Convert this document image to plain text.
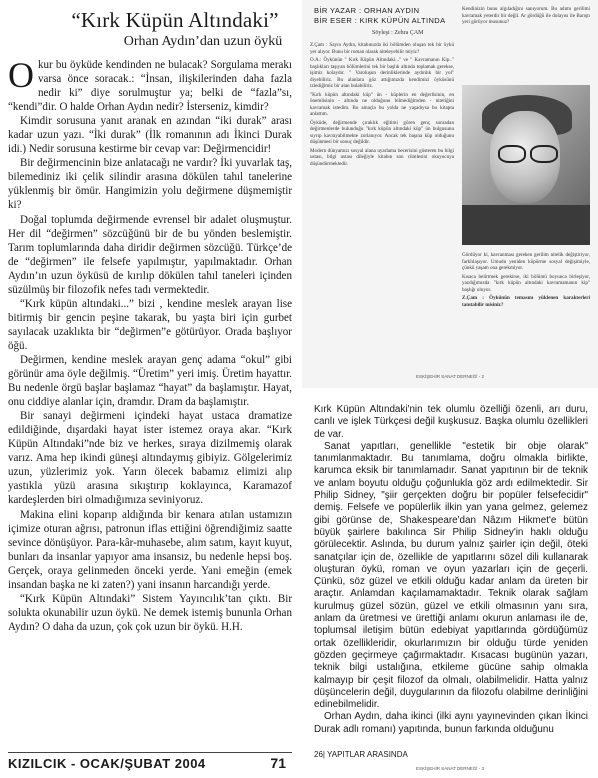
“Kırk Küpün Altındaki”
Orhan Aydın’dan uzun öykü

Okur bu öyküde kendinden ne bulacak? Sorgulama merakı varsa önce soracak.: “İnsan, ilişkilerinden daha fazla nedir ki” diye sorulmuştur ya; belki de “fazla”sı, “kendi”dir. O halde Orhan Aydın nedir? İsterseniz, kimdir?

Kimdir sorusuna yanıt aranak en azından “iki durak” arası kadar uzun yazı. “İki durak” (İlk romanının adı İkinci Durak idi.) Nedir sorusuna kestirme bir cevap var: Değirmencidir!

Bir değirmencinin bize anlatacağı ne vardır? İki yuvarlak taş, bilemediniz iki çelik silindir arasına dökülen tahıl tanelerine yüklenmiş bir ömür. Hangimizin yolu değirmene düşmemiştir ki?

Doğal toplumda değirmende evrensel bir adalet oluşmuştur. Her dil “değirmen” sözcüğünü bir de bu yönden beslemiştir. Tarım toplumlarında daha diridir değirmen sözcüğü. Türkçe’de de “değirmen” ile felsefe yapılmıştır, yapılmaktadır. Orhan Aydın’ın uzun öyküsü de kırılıp dökülen tahıl taneleri içinden süzülmüş bir filozofik nefes tadı vermektedir.

“Kırk küpün altındaki...” bizi , kendine meslek arayan lise bitirmiş bir gencin peşine takarak, bu yaşta biri için gurbet sayılacak uzaklıkta bir “değirmen”e götürüyor. Orada başlıyor öğü.

Değirmen, kendine meslek arayan genç adama “okul” gibi görünür ama öyle değilmiş. “Üretim” yeri imiş. Üretim hayattır. Bu nedenle örgü başlar başlamaz “hayat” da başlamıştır. Hayat, onu ciddiye alanlar için, dramdır. Dram da başlamıştır.

Bir sanayi değirmeni içindeki hayat ustaca dramatize edildiğinde, dışardaki hayat ister istemez oraya akar. “Kırk Küpün Altındaki”nde biz ve herkes, sıraya dizilmemiş olarak varız. Ama hep ikindi güneşi altındaymış gibiyiz. Gölgelerimiz uzun, yüzlerimiz yok. Yarın ölecek babamız elimizi alıp yastıkla yüzü arasına sıkıştırıp koklayınca, Karamazof kardeşlerden biri olmadığımıza seviniyoruz.

Makina elini koparıp aldığında bir kenara atılan ustamızın içimize oturan ağrısı, patronun iflas ettiğini öğrendiğimiz saatte sevince dönüşüyor. Para-kâr-muhasebe, alım satım, kayıt kuyut, bunları da insanlar yapıyor ama insansız, bu nedenle hepsi boş. Gerçek, oraya gelinmeden önceki yerde. Yani emeğin (emek insandan başka ne ki zaten?) yani insanın harcandığı yerde.

“Kırk Küpün Altındaki” Sistem Yayıncılık’tan çıktı. Bir solukta okunabilir uzun öykü. Ne demek istemiş bununla Orhan Aydın? O daha da uzun, çok çok uzun bir öykü. H.H.

KIZILCIK - OCAK/ŞUBAT 2004	71
BİR YAZAR : ORHAN AYDIN
BİR ESER : KIRK KÜPÜN ALTINDA
Söyleşi : Zehra ÇAM

Z.Çam : Sayın Aydın, kitabınızda iki bölümden oluşan tek bir öykü yer alıyor. Bunu bir roman olarak niteleyebilir miyiz?

O.A.: Öykünün " Kırk Küpün Altındaki..." ve " Kavramanın Kip.." başlıkları taşıyan bölümlerini tek bir başlık altında toplamak gerekse, işimiz kolaydır. " Varoluşun derinliklerinde aydınlık bir yol" diyebiliriz. Bu alanlara göz attığımızda kendimizi öyküsünü izlediğimiz bir alan bulabiliriz.

"Kırk küpün altındaki küp" ün - küplerin en değerlisinin, en önemlisinin - altında ne olduğunu bilmediğimden - niteliğini kavramak istedim. Bu amaçla bu yolda ne yaşadıysa bu kitapta anlattım.

Öyküde, değirmende çıraklık eğitimi gören genç sonradan değirmenlerde bulunduğu "kırk küpün altındaki küp" ün bulgusunu sıyrıp kavrayabilmekte zorlanıyor. Ancak tek başına küp olduğunu düşünmesi bir sonuç değildir.

Modern dünyamızı sosyal alana uyarlama becerisini gösteren bu bilgi ustası, bilgi ustası dileğiyle kitabın son cümlesini okuyucuya düşündürmektedir.

Kendinizin bunu algıladığını sanıyorum. Bu adımı gerilimi kavramak yeterdir bir değil. Ar gördüğü ile dolayısı ile Barıştı yeri görüyor musunuz?

Gördüyor ki, kavranması gereken gerilim nitelik değiştiriyor, farklılaşıyor. Umudu yeniden köpürme sosyal değişimiyle, çünkü yaşam ona gerekmiyor.

Kısaca belirtmek gerekirse, iki bölümü boyunca birleşiyor, yazdığımızda "kırk küpün altındaki kavramamanın kip" başlığı oluyor.

Z.Çam : Öykünün temasını yüklenen karakterleri tanıtabilir misiniz?

ESKİŞEHİR SANAT DERNEĞİ - 2

Kırk Küpün Altındaki'nin tek olumlu özelliği özenli, arı duru, canlı ve işlek Türkçesi değil kuşkusuz. Başka olumlu özellikleri de var.

Sanat yapıtları, genellikle "estetik bir obje olarak" tanımlanmaktadır. Bu tanımlama, doğru olmakla birlikte, karumca eksik bir tanımlamadır. Sanat yapıtının bir de teknik ve anlam boyutu olduğu çoğunlukla göz ardı edilmektedir. Sir Philip Sidney, "şiir gerçekten doğru bir popüler felsefecidir" demiş. Felsefe ve popülerlik ilkin yan yana gelmez, gelemez gibi görünse de, Shakespeare'dan Nâzım Hikmet'e bütün büyük şairlere bakılınca Sir Philip Sidney'in haklı olduğu görülecektir. Aslında, bu durum yalnız şairler için değil, öteki sanatçılar için de, özellikle de yapıtlarını sözel dili kullanarak oluşturan öykü, roman ve oyun yazarları için de geçerli. Çünkü, söz güzel ve etkili olduğu kadar anlam da üreten bir araçtır. Anlamdan kaçılamamaktadır. Teknik olarak sağlam kurulmuş güzel sözün, güzel ve etkili olmasının yanı sıra, anlam da üretmesi ve ürettiği anlamı okurun anlaması ile de, toplumsal iletişim bütün edebiyat yapıtlarında gördüğümüz ortak özellikleridir, okurlarımızın bir olduğu türde yeniden gözden geçirmeye çağırmaktadır. Kısacası bugünün yazarı, teknik bilgi ustalığına, etkileme gücüne sahip olmakla kalmayıp bir çeşit filozof da olmalı, olabilmelidir. Hatta yalnız düşüncelerin değil, duygularının da filozofu olabilme derinliğini edinebilmelidir.

Orhan Aydın, daha ikinci (ilki aynı yayınevinden çıkan İkinci Durak adlı romanı) yapıtında, bunun farkında olduğunu

26| YAPITLAR ARASINDA
ESKİŞEHİR SANAT DERNEĞİ - 3
